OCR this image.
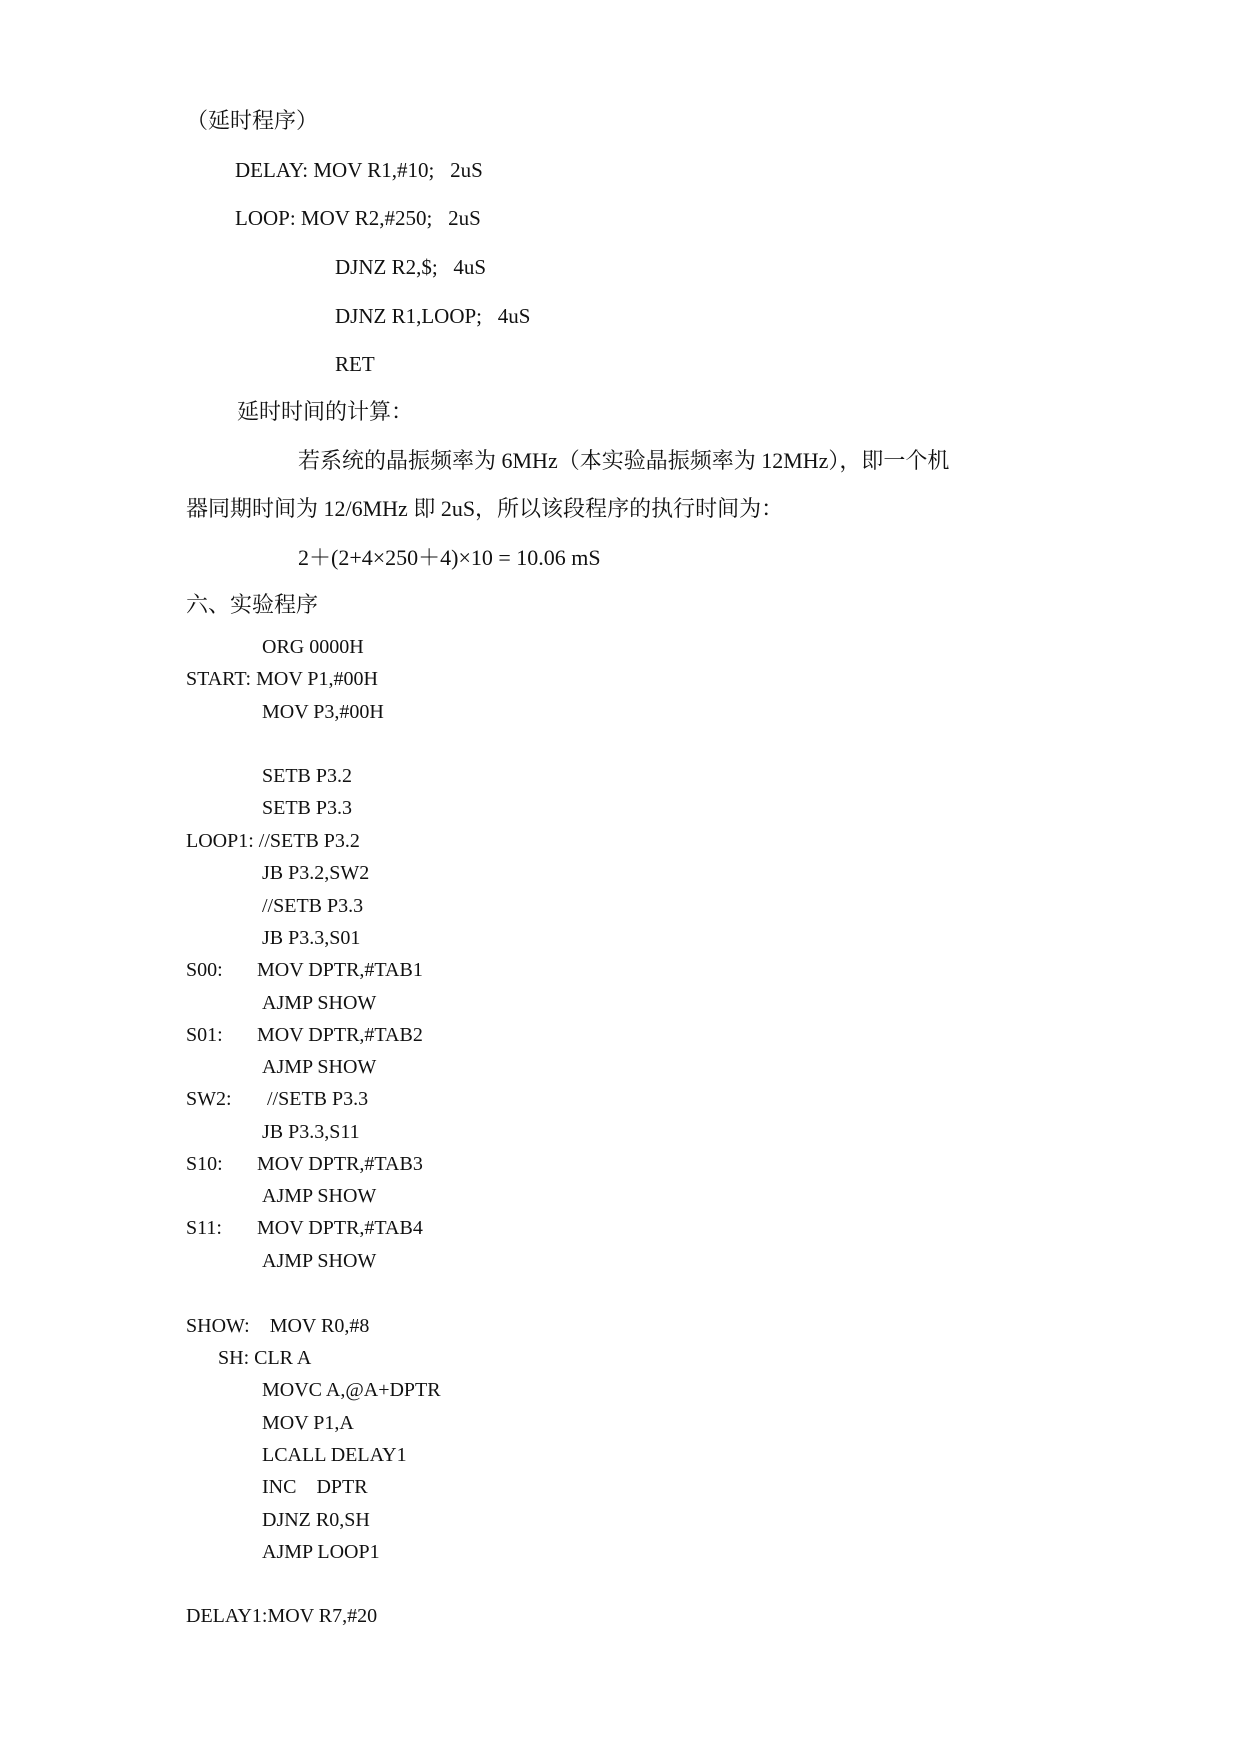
（延时程序）
DELAY: MOV R1,#10;   2uS
LOOP: MOV R2,#250;   2uS
DJNZ R2,$;   4uS
DJNZ R1,LOOP;   4uS
RET
延时时间的计算：
若系统的晶振频率为 6MHz（本实验晶振频率为 12MHz），即一个机
器同期时间为 12/6MHz 即 2uS，所以该段程序的执行时间为：
2＋(2+4×250＋4)×10 = 10.06 mS
六、实验程序
ORG 0000H
START: MOV P1,#00H
MOV P3,#00H
SETB P3.2
SETB P3.3
LOOP1: //SETB P3.2
JB P3.2,SW2
//SETB P3.3
JB P3.3,S01
S00: MOV DPTR,#TAB1
AJMP SHOW
S01: MOV DPTR,#TAB2
AJMP SHOW
SW2: //SETB P3.3
JB P3.3,S11
S10: MOV DPTR,#TAB3
AJMP SHOW
S11: MOV DPTR,#TAB4
AJMP SHOW
SHOW:    MOV R0,#8
SH: CLR A
MOVC A,@A+DPTR
MOV P1,A
LCALL DELAY1
INC    DPTR
DJNZ R0,SH
AJMP LOOP1
DELAY1:MOV R7,#20
